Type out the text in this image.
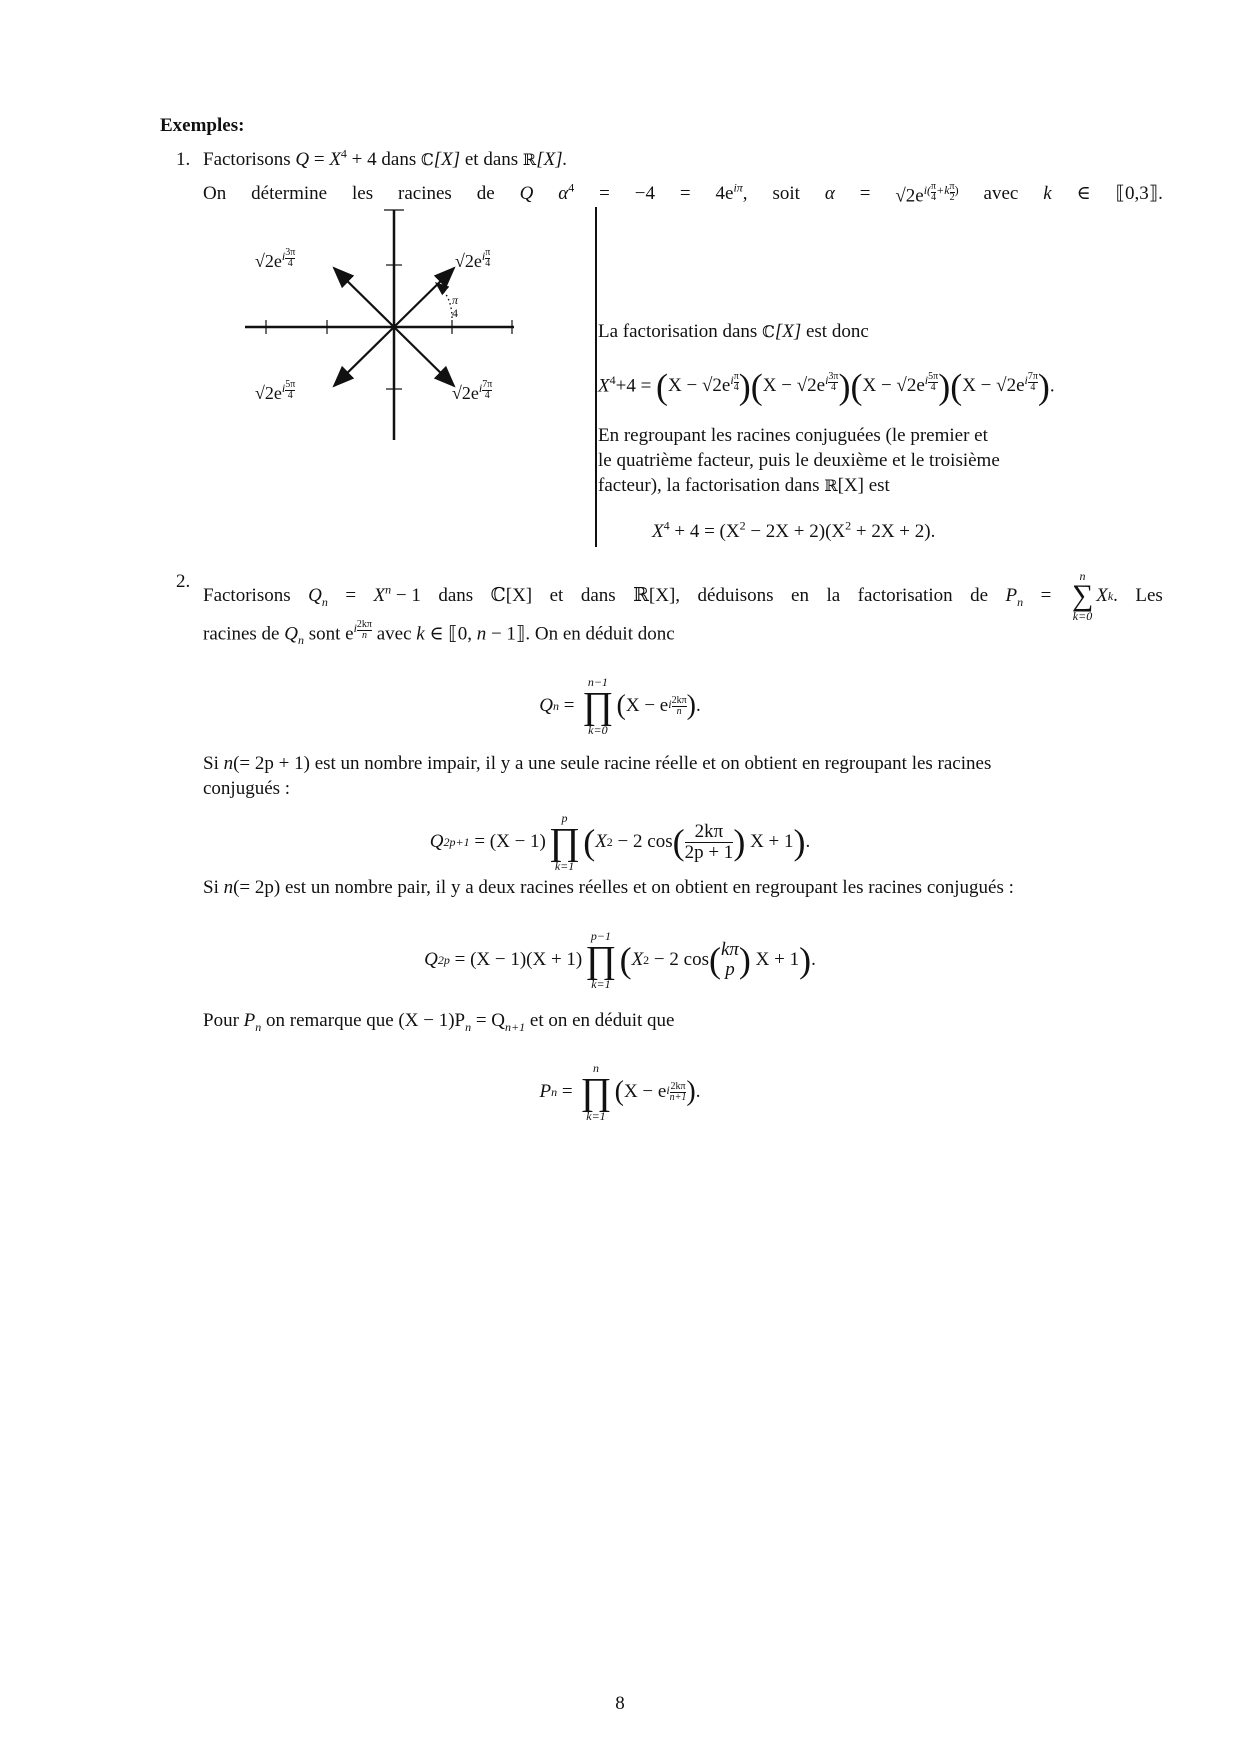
Exemples:
1. Factorisons $Q = X^4 + 4$ dans ℂ[X] et dans ℝ[X].
On détermine les racines de Q $\alpha^4 = -4 = 4e^{i\pi}$, soit $\alpha = √2e^{i( \frac{\pi}{4} +k \frac{\pi}{2} )}$ avec k ∈ ⟦0,3⟧.
$√2e^{i \frac{\pi}{4}}$
$√2e^{i \frac{3\pi}{4}}$
$√2e^{i \frac{5\pi}{4}}$	$√2e^{i \frac{7\pi}{4}}$
π
4
La factorisation dans ℂ[X] est donc
$X^4+4 = (X - √2e^{i \frac{\pi}{4}}$ )($X - √2e^{i \frac{3\pi}{4}}$ )($X - √2e^{i \frac{5\pi}{4}}$ )($X - √2e^{i \frac{7\pi}{4}}$ ).
En regroupant les racines conjuguées (le premier et
le quatrième facteur, puis le deuxième et le troisième
facteur), la factorisation dans ℝ[X] est
$X^4 + 4 = (X^2 - 2X + 2)(X^2 + 2X + 2)$.
2.
Factorisons $Q_n = X^n - 1$ dans ℂ[X] et dans ℝ[X], déduisons en la factorisation de $P_n$ =
n
∑
k=0
X k . Les
racines de $Q_n$ sont $e^{i \frac{2k\pi}{n}}$ avec k ∈ ⟦0, n − 1⟧. On en déduit donc
Q n =
n−1
∏
k=0
( X − e i $\frac{2k\pi}{n}$ ) .
Si n(= 2p + 1) est un nombre impair, il y a une seule racine réelle et on obtient en regroupant les racines
conjugués :
Q 2p+1 = (X − 1)
p
∏
k=1
( X 2 − 2 cos ( $\frac{2k\pi}{2p + 1}$ )
X + 1 ) .
Si n(= 2p) est un nombre pair, il y a deux racines réelles et on obtient en regroupant les racines conjugués :
Q 2p = (X − 1)(X + 1)
p−1
∏
k=1
( X 2 − 2 cos ( kπ
p )
X + 1 ) .
Pour $P_n$ on remarque que $(X - 1)P_n = Q_{n+1}$ et on en déduit que
P n =
n
∏
k=1
( X − e i $\frac{2k\pi}{n+1}$ ) .
8
